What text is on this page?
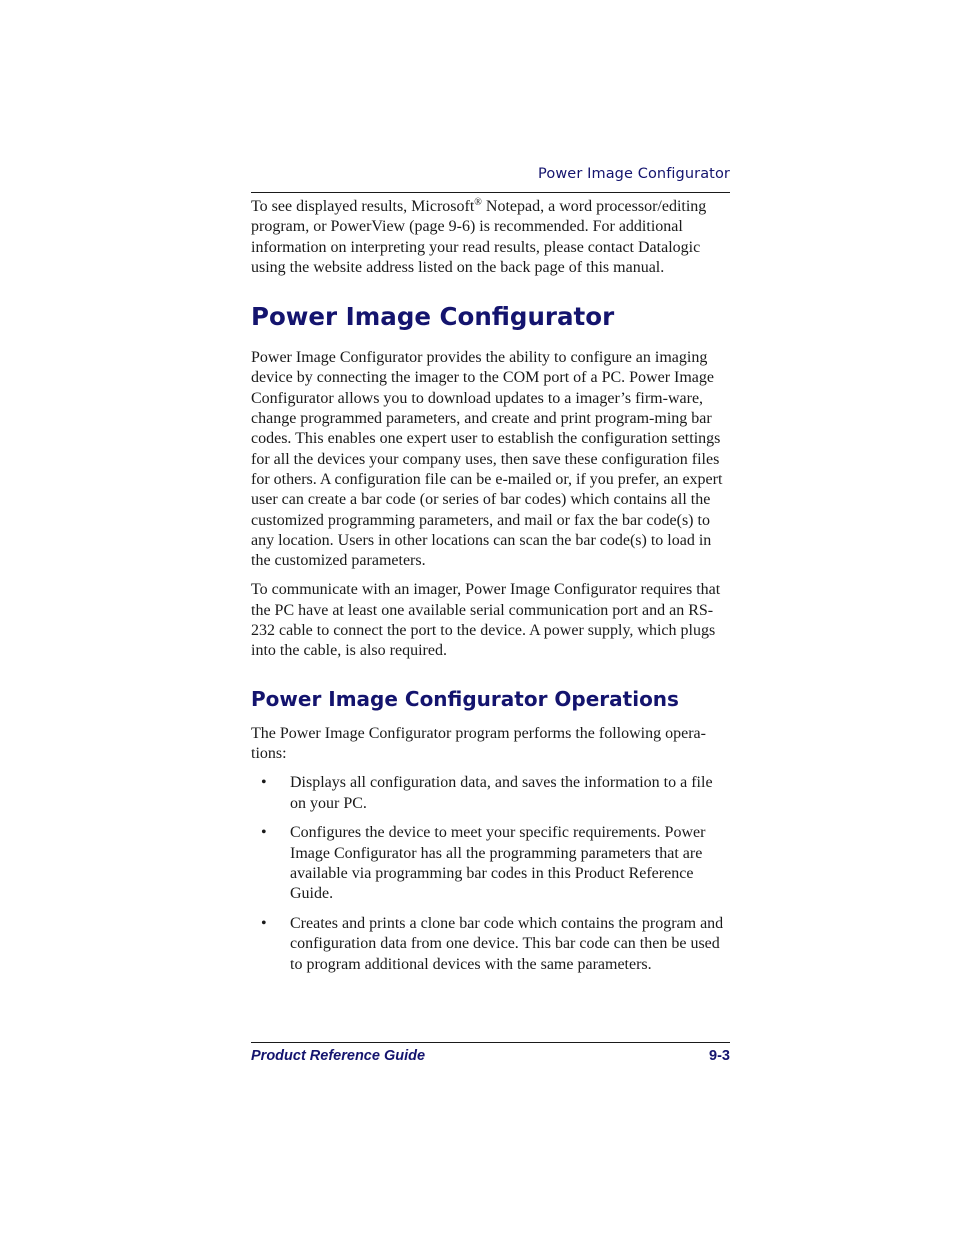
Power Image Configurator

To see displayed results, Microsoft® Notepad, a word processor/editing program, or PowerView (page 9-6) is recommended. For additional information on interpreting your read results, please contact Datalogic using the website address listed on the back page of this manual.

Power Image Configurator

Power Image Configurator provides the ability to configure an imaging device by connecting the imager to the COM port of a PC. Power Image Configurator allows you to download updates to a imager’s firm-ware, change programmed parameters, and create and print program-ming bar codes. This enables one expert user to establish the configuration settings for all the devices your company uses, then save these configuration files for others. A configuration file can be e-mailed or, if you prefer, an expert user can create a bar code (or series of bar codes) which contains all the customized programming parameters, and mail or fax the bar code(s) to any location. Users in other locations can scan the bar code(s) to load in the customized parameters.

To communicate with an imager, Power Image Configurator requires that the PC have at least one available serial communication port and an RS-232 cable to connect the port to the device. A power supply, which plugs into the cable, is also required.

Power Image Configurator Operations

The Power Image Configurator program performs the following opera-tions:

• Displays all configuration data, and saves the information to a file on your PC.
• Configures the device to meet your specific requirements. Power Image Configurator has all the programming parameters that are available via programming bar codes in this Product Reference Guide.
• Creates and prints a clone bar code which contains the program and configuration data from one device. This bar code can then be used to program additional devices with the same parameters.
Product Reference Guide	9-3
